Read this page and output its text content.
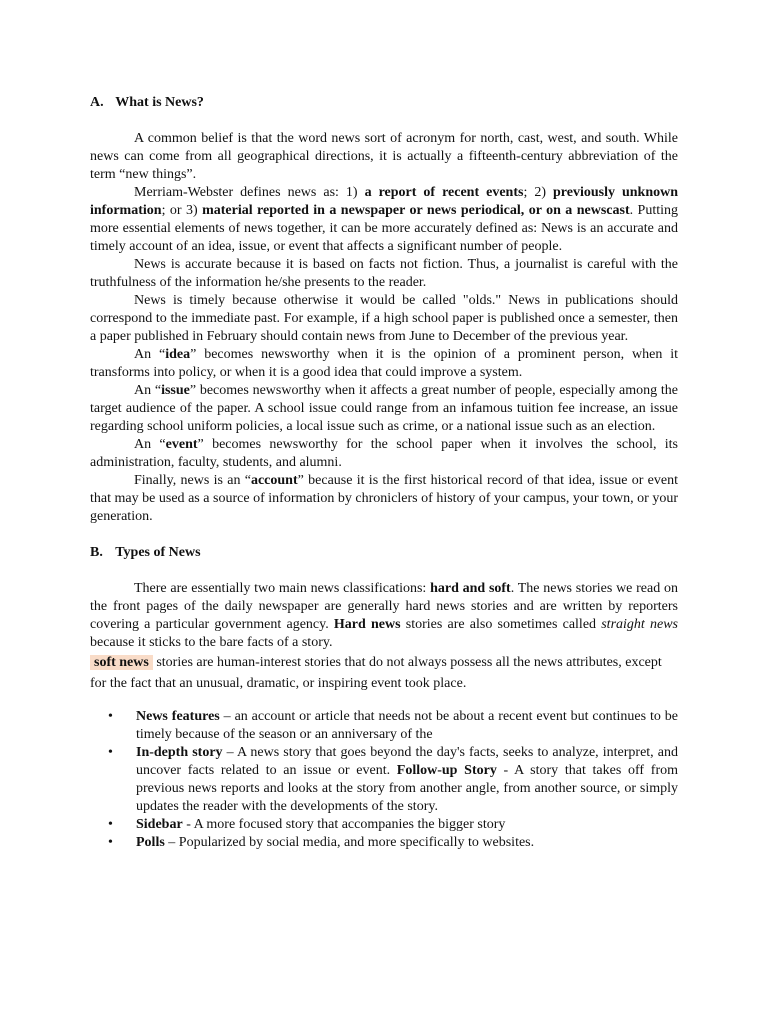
A. What is News?

A common belief is that the word news sort of acronym for north, cast, west, and south. While news can come from all geographical directions, it is actually a fifteenth-century abbreviation of the term “new things”.

Merriam-Webster defines news as: 1) a report of recent events; 2) previously unknown information; or 3) material reported in a newspaper or news periodical, or on a newscast. Putting more essential elements of news together, it can be more accurately defined as: News is an accurate and timely account of an idea, issue, or event that affects a significant number of people.

News is accurate because it is based on facts not fiction. Thus, a journalist is careful with the truthfulness of the information he/she presents to the reader.

News is timely because otherwise it would be called "olds." News in publications should correspond to the immediate past. For example, if a high school paper is published once a semester, then a paper published in February should contain news from June to December of the previous year.

An “idea” becomes newsworthy when it is the opinion of a prominent person, when it transforms into policy, or when it is a good idea that could improve a system.

An “issue” becomes newsworthy when it affects a great number of people, especially among the target audience of the paper. A school issue could range from an infamous tuition fee increase, an issue regarding school uniform policies, a local issue such as crime, or a national issue such as an election.

An “event” becomes newsworthy for the school paper when it involves the school, its administration, faculty, students, and alumni.

Finally, news is an “account” because it is the first historical record of that idea, issue or event that may be used as a source of information by chroniclers of history of your campus, your town, or your generation.

B. Types of News

There are essentially two main news classifications: hard and soft. The news stories we read on the front pages of the daily newspaper are generally hard news stories and are written by reporters covering a particular government agency. Hard news stories are also sometimes called straight news because it sticks to the bare facts of a story.

soft news stories are human-interest stories that do not always possess all the news attributes, except for the fact that an unusual, dramatic, or inspiring event took place.

• News features – an account or article that needs not be about a recent event but continues to be timely because of the season or an anniversary of the
• In-depth story – A news story that goes beyond the day's facts, seeks to analyze, interpret, and uncover facts related to an issue or event. Follow-up Story - A story that takes off from previous news reports and looks at the story from another angle, from another source, or simply updates the reader with the developments of the story.
• Sidebar - A more focused story that accompanies the bigger story
• Polls – Popularized by social media, and more specifically to websites.
